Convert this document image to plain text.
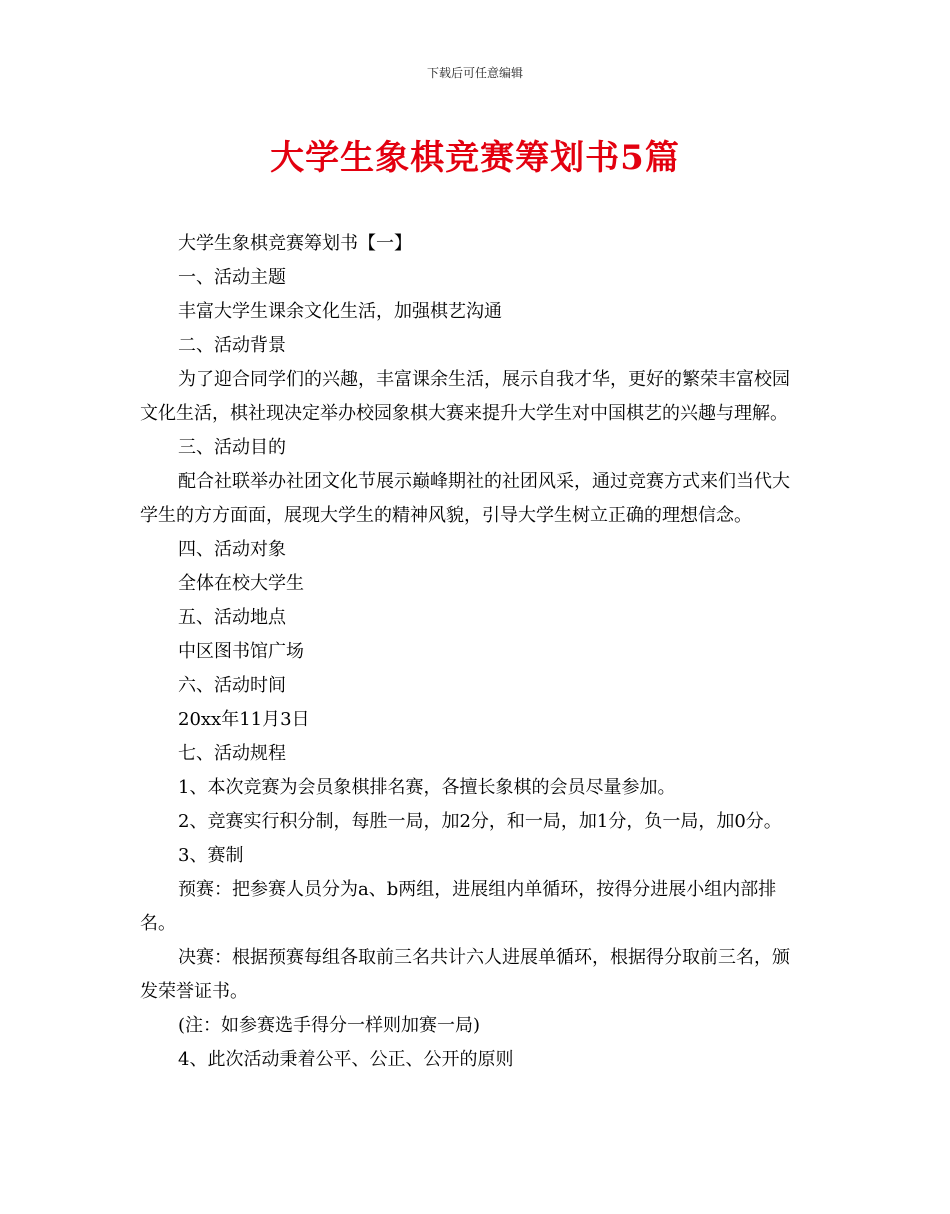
下载后可任意编辑
大学生象棋竞赛筹划书5篇
大学生象棋竞赛筹划书【一】
一、活动主题
丰富大学生课余文化生活，加强棋艺沟通
二、活动背景
为了迎合同学们的兴趣，丰富课余生活，展示自我才华，更好的繁荣丰富校园
文化生活，棋社现决定举办校园象棋大赛来提升大学生对中国棋艺的兴趣与理解。
三、活动目的
配合社联举办社团文化节展示巅峰期社的社团风采，通过竞赛方式来们当代大
学生的方方面面，展现大学生的精神风貌，引导大学生树立正确的理想信念。
四、活动对象
全体在校大学生
五、活动地点
中区图书馆广场
六、活动时间
20xx年11月3日
七、活动规程
1、本次竞赛为会员象棋排名赛，各擅长象棋的会员尽量参加。
2、竞赛实行积分制，每胜一局，加2分，和一局，加1分，负一局，加0分。
3、赛制
预赛：把参赛人员分为a、b两组，进展组内单循环，按得分进展小组内部排
名。
决赛：根据预赛每组各取前三名共计六人进展单循环，根据得分取前三名，颁
发荣誉证书。
(注：如参赛选手得分一样则加赛一局)
4、此次活动秉着公平、公正、公开的原则
